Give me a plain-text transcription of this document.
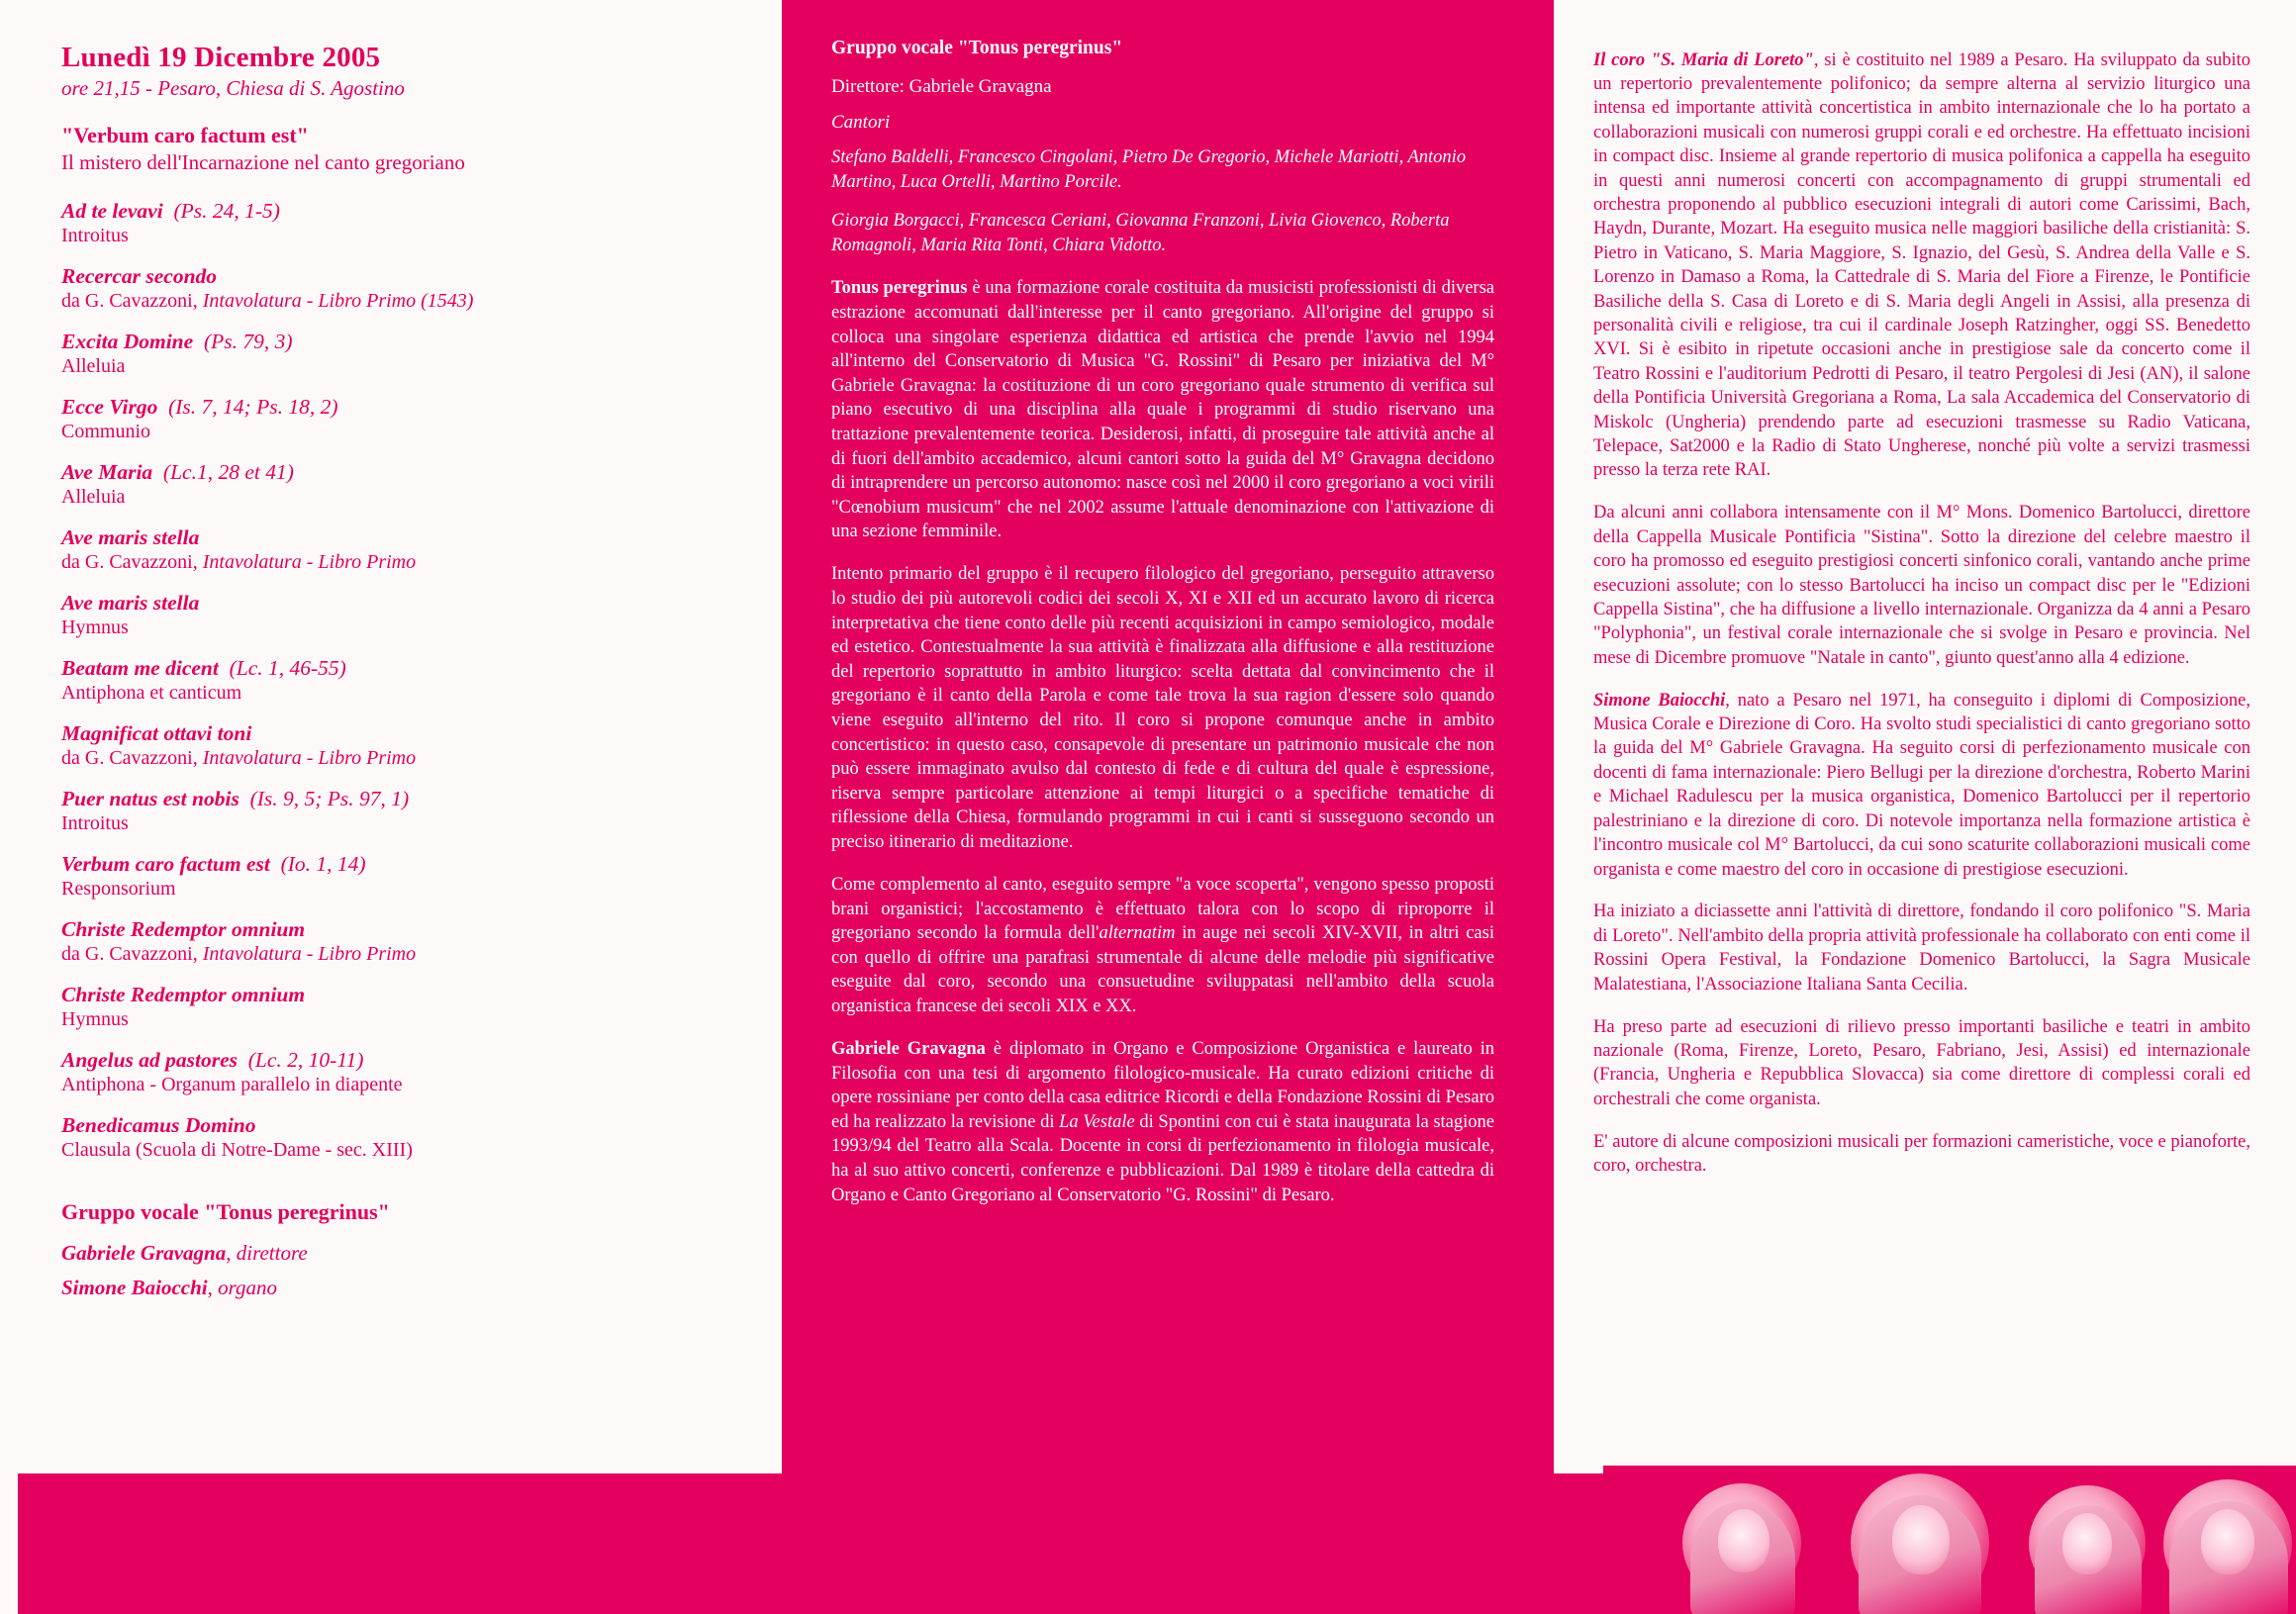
Lunedì 19 Dicembre 2005
ore 21,15 - Pesaro, Chiesa di S. Agostino
"Verbum caro factum est"
Il mistero dell'Incarnazione nel canto gregoriano
Ad te levavi (Ps. 24, 1-5)
Introitus
Recercar secondo
da G. Cavazzoni, Intavolatura - Libro Primo (1543)
Excita Domine (Ps. 79, 3)
Alleluia
Ecce Virgo (Is. 7, 14; Ps. 18, 2)
Communio
Ave Maria (Lc.1, 28 et 41)
Alleluia
Ave maris stella
da G. Cavazzoni, Intavolatura - Libro Primo
Ave maris stella
Hymnus
Beatam me dicent (Lc. 1, 46-55)
Antiphona et canticum
Magnificat ottavi toni
da G. Cavazzoni, Intavolatura - Libro Primo
Puer natus est nobis (Is. 9, 5; Ps. 97, 1)
Introitus
Verbum caro factum est (Io. 1, 14)
Responsorium
Christe Redemptor omnium
da G. Cavazzoni, Intavolatura - Libro Primo
Christe Redemptor omnium
Hymnus
Angelus ad pastores (Lc. 2, 10-11)
Antiphona - Organum parallelo in diapente
Benedicamus Domino
Clausula (Scuola di Notre-Dame - sec. XIII)
Gruppo vocale "Tonus peregrinus"
Gabriele Gravagna, direttore
Simone Baiocchi, organo
Gruppo vocale "Tonus peregrinus"
Direttore: Gabriele Gravagna
Cantori
Stefano Baldelli, Francesco Cingolani, Pietro De Gregorio, Michele Mariotti, Antonio Martino, Luca Ortelli, Martino Porcile.
Giorgia Borgacci, Francesca Ceriani, Giovanna Franzoni, Livia Giovenco, Roberta Romagnoli, Maria Rita Tonti, Chiara Vidotto.

Tonus peregrinus è una formazione corale costituita da musicisti professionisti di diversa estrazione accomunati dall'interesse per il canto gregoriano. All'origine del gruppo si colloca una singolare esperienza didattica ed artistica che prende l'avvio nel 1994 all'interno del Conservatorio di Musica "G. Rossini" di Pesaro per iniziativa del M° Gabriele Gravagna: la costituzione di un coro gregoriano quale strumento di verifica sul piano esecutivo di una disciplina alla quale i programmi di studio riservano una trattazione prevalentemente teorica. Desiderosi, infatti, di proseguire tale attività anche al di fuori dell'ambito accademico, alcuni cantori sotto la guida del M° Gravagna decidono di intraprendere un percorso autonomo: nasce così nel 2000 il coro gregoriano a voci virili "Cœnobium musicum" che nel 2002 assume l'attuale denominazione con l'attivazione di una sezione femminile.

Intento primario del gruppo è il recupero filologico del gregoriano, perseguito attraverso lo studio dei più autorevoli codici dei secoli X, XI e XII ed un accurato lavoro di ricerca interpretativa che tiene conto delle più recenti acquisizioni in campo semiologico, modale ed estetico. Contestualmente la sua attività è finalizzata alla diffusione e alla restituzione del repertorio soprattutto in ambito liturgico: scelta dettata dal convincimento che il gregoriano è il canto della Parola e come tale trova la sua ragion d'essere solo quando viene eseguito all'interno del rito. Il coro si propone comunque anche in ambito concertistico: in questo caso, consapevole di presentare un patrimonio musicale che non può essere immaginato avulso dal contesto di fede e di cultura del quale è espressione, riserva sempre particolare attenzione ai tempi liturgici o a specifiche tematiche di riflessione della Chiesa, formulando programmi in cui i canti si susseguono secondo un preciso itinerario di meditazione.

Come complemento al canto, eseguito sempre "a voce scoperta", vengono spesso proposti brani organistici; l'accostamento è effettuato talora con lo scopo di riproporre il gregoriano secondo la formula dell'alternatim in auge nei secoli XIV-XVII, in altri casi con quello di offrire una parafrasi strumentale di alcune delle melodie più significative eseguite dal coro, secondo una consuetudine sviluppatasi nell'ambito della scuola organistica francese dei secoli XIX e XX.

Gabriele Gravagna è diplomato in Organo e Composizione Organistica e laureato in Filosofia con una tesi di argomento filologico-musicale. Ha curato edizioni critiche di opere rossiniane per conto della casa editrice Ricordi e della Fondazione Rossini di Pesaro ed ha realizzato la revisione di La Vestale di Spontini con cui è stata inaugurata la stagione 1993/94 del Teatro alla Scala. Docente in corsi di perfezionamento in filologia musicale, ha al suo attivo concerti, conferenze e pubblicazioni. Dal 1989 è titolare della cattedra di Organo e Canto Gregoriano al Conservatorio "G. Rossini" di Pesaro.

Il coro "S. Maria di Loreto", si è costituito nel 1989 a Pesaro. Ha sviluppato da subito un repertorio prevalentemente polifonico; da sempre alterna al servizio liturgico una intensa ed importante attività concertistica in ambito internazionale che lo ha portato a collaborazioni musicali con numerosi gruppi corali e ed orchestre. Ha effettuato incisioni in compact disc. Insieme al grande repertorio di musica polifonica a cappella ha eseguito in questi anni numerosi concerti con accompagnamento di gruppi strumentali ed orchestra proponendo al pubblico esecuzioni integrali di autori come Carissimi, Bach, Haydn, Durante, Mozart. Ha eseguito musica nelle maggiori basiliche della cristianità: S. Pietro in Vaticano, S. Maria Maggiore, S. Ignazio, del Gesù, S. Andrea della Valle e S. Lorenzo in Damaso a Roma, la Cattedrale di S. Maria del Fiore a Firenze, le Pontificie Basiliche della S. Casa di Loreto e di S. Maria degli Angeli in Assisi, alla presenza di personalità civili e religiose, tra cui il cardinale Joseph Ratzingher, oggi SS. Benedetto XVI. Si è esibito in ripetute occasioni anche in prestigiose sale da concerto come il Teatro Rossini e l'auditorium Pedrotti di Pesaro, il teatro Pergolesi di Jesi (AN), il salone della Pontificia Università Gregoriana a Roma, La sala Accademica del Conservatorio di Miskolc (Ungheria) prendendo parte ad esecuzioni trasmesse su Radio Vaticana, Telepace, Sat2000 e la Radio di Stato Ungherese, nonché più volte a servizi trasmessi presso la terza rete RAI.

Da alcuni anni collabora intensamente con il M° Mons. Domenico Bartolucci, direttore della Cappella Musicale Pontificia "Sistina". Sotto la direzione del celebre maestro il coro ha promosso ed eseguito prestigiosi concerti sinfonico corali, vantando anche prime esecuzioni assolute; con lo stesso Bartolucci ha inciso un compact disc per le "Edizioni Cappella Sistina", che ha diffusione a livello internazionale. Organizza da 4 anni a Pesaro "Polyphonia", un festival corale internazionale che si svolge in Pesaro e provincia. Nel mese di Dicembre promuove "Natale in canto", giunto quest'anno alla 4 edizione.

Simone Baiocchi, nato a Pesaro nel 1971, ha conseguito i diplomi di Composizione, Musica Corale e Direzione di Coro. Ha svolto studi specialistici di canto gregoriano sotto la guida del M° Gabriele Gravagna. Ha seguito corsi di perfezionamento musicale con docenti di fama internazionale: Piero Bellugi per la direzione d'orchestra, Roberto Marini e Michael Radulescu per la musica organistica, Domenico Bartolucci per il repertorio palestriniano e la direzione di coro. Di notevole importanza nella formazione artistica è l'incontro musicale col M° Bartolucci, da cui sono scaturite collaborazioni musicali come organista e come maestro del coro in occasione di prestigiose esecuzioni.

Ha iniziato a diciassette anni l'attività di direttore, fondando il coro polifonico "S. Maria di Loreto". Nell'ambito della propria attività professionale ha collaborato con enti come il Rossini Opera Festival, la Fondazione Domenico Bartolucci, la Sagra Musicale Malatestiana, l'Associazione Italiana Santa Cecilia.

Ha preso parte ad esecuzioni di rilievo presso importanti basiliche e teatri in ambito nazionale (Roma, Firenze, Loreto, Pesaro, Fabriano, Jesi, Assisi) ed internazionale (Francia, Ungheria e Repubblica Slovacca) sia come direttore di complessi corali ed orchestrali che come organista.

E' autore di alcune composizioni musicali per formazioni cameristiche, voce e pianoforte, coro, orchestra.
